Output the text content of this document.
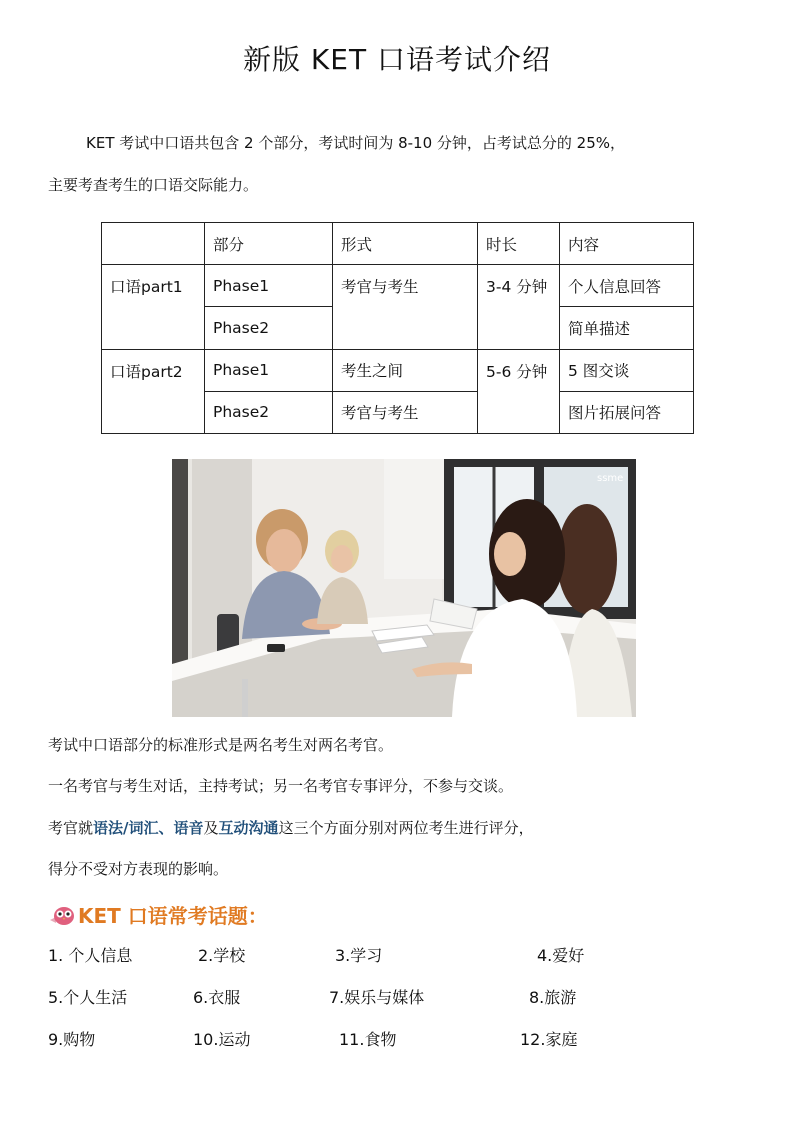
新版 KET 口语考试介绍

KET 考试中口语共包含 2 个部分，考试时间为 8-10 分钟，占考试总分的 25%，

主要考查考生的口语交际能力。

	部分	形式	时长	内容
口语part1	Phase1	考官与考生	3-4 分钟	个人信息回答
	Phase2			简单描述
口语part2	Phase1	考生之间	5-6 分钟	5 图交谈
	Phase2	考官与考生		图片拓展问答
ssme

考试中口语部分的标准形式是两名考生对两名考官。

一名考官与考生对话，主持考试；另一名考官专事评分，不参与交谈。

考官就语法/词汇、语音及互动沟通这三个方面分别对两位考生进行评分，

得分不受对方表现的影响。

KET 口语常考话题：

1. 个人信息	2.学校	3.学习	4.爱好
5.个人生活	6.衣服	7.娱乐与媒体	8.旅游
9.购物	10.运动	11.食物	12.家庭
